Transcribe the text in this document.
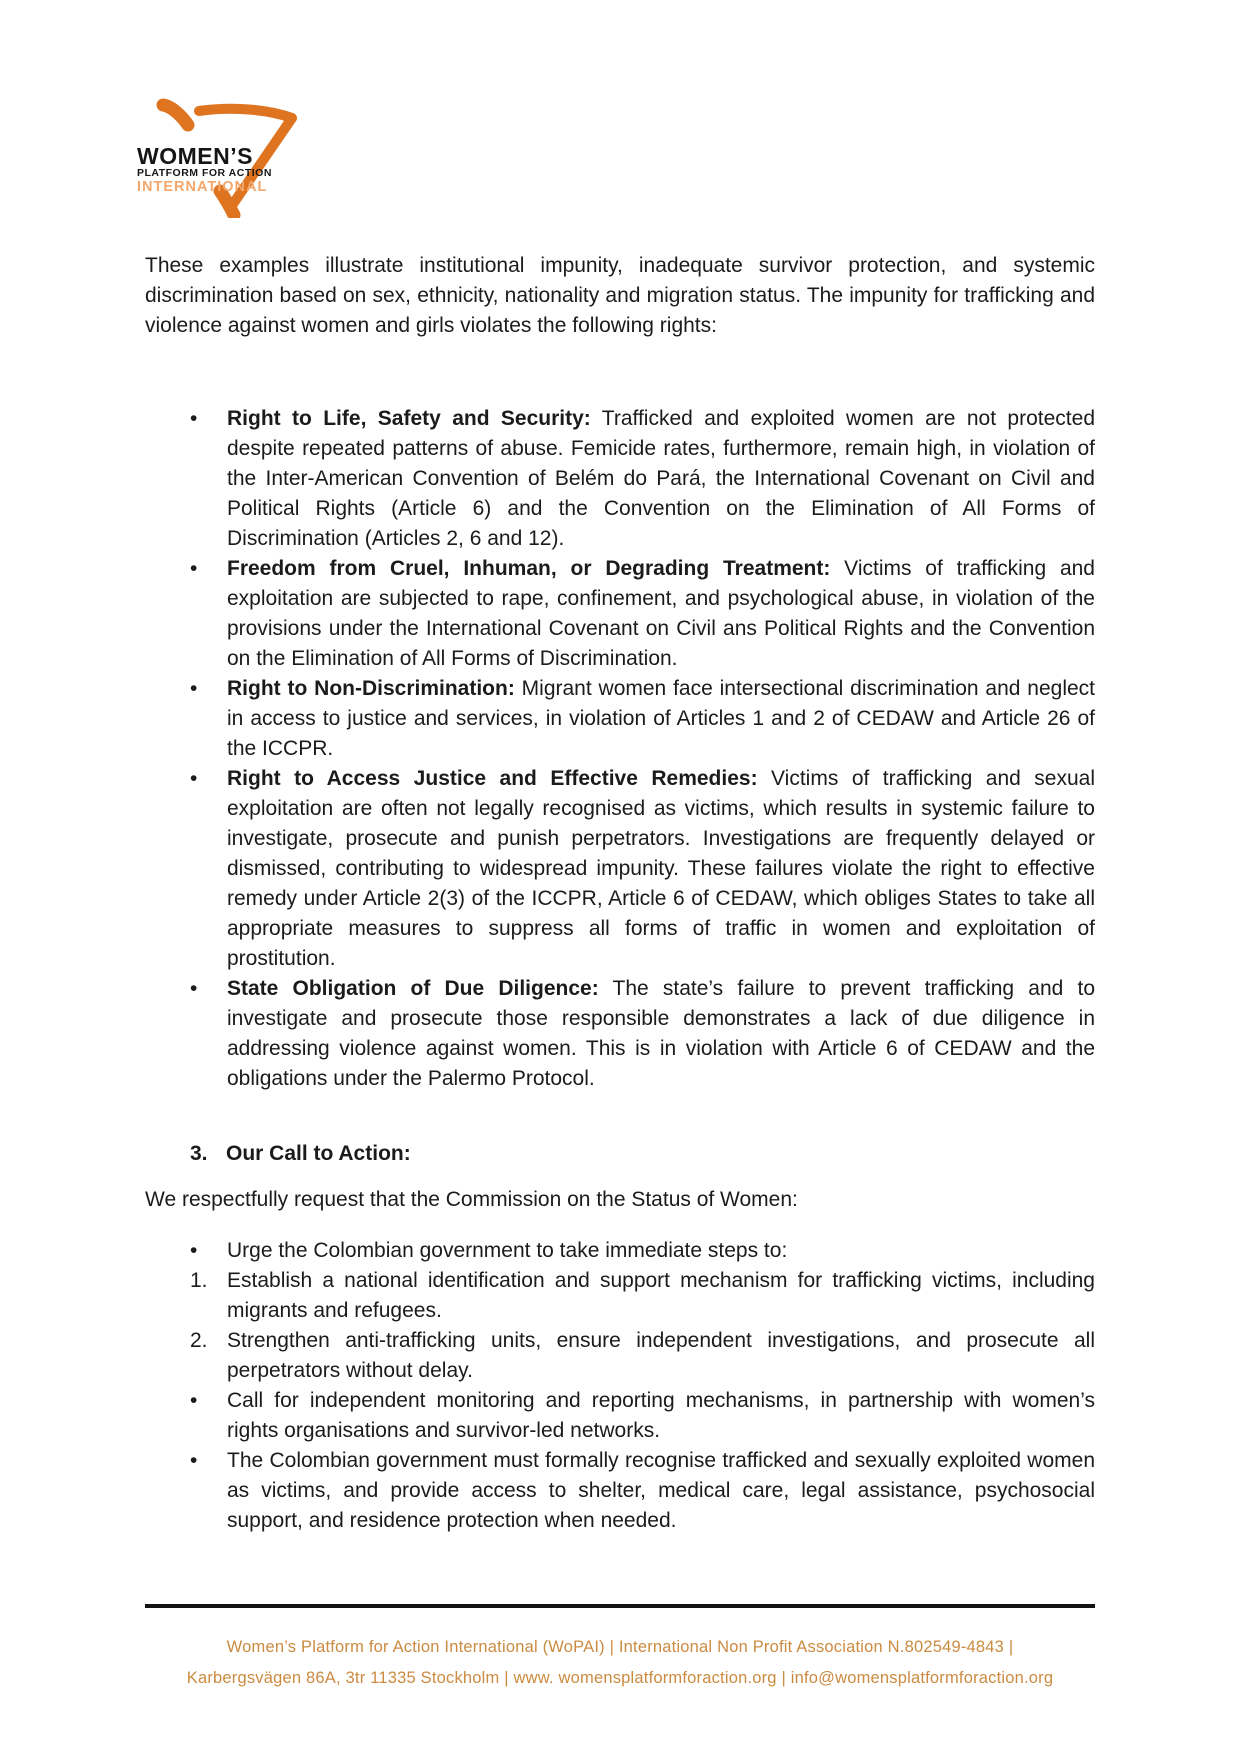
WOMEN’S
PLATFORM FOR ACTION
INTERNATIONAL

These examples illustrate institutional impunity, inadequate survivor protection, and systemic discrimination based on sex, ethnicity, nationality and migration status. The impunity for trafficking and violence against women and girls violates the following rights:

•	Right to Life, Safety and Security: Trafficked and exploited women are not protected despite repeated patterns of abuse. Femicide rates, furthermore, remain high, in violation of the Inter-American Convention of Belém do Pará, the International Covenant on Civil and Political Rights (Article 6) and the Convention on the Elimination of All Forms of Discrimination (Articles 2, 6 and 12).
•	Freedom from Cruel, Inhuman, or Degrading Treatment: Victims of trafficking and exploitation are subjected to rape, confinement, and psychological abuse, in violation of the provisions under the International Covenant on Civil ans Political Rights and the Convention on the Elimination of All Forms of Discrimination.
•	Right to Non-Discrimination: Migrant women face intersectional discrimination and neglect in access to justice and services, in violation of Articles 1 and 2 of CEDAW and Article 26 of the ICCPR.
•	Right to Access Justice and Effective Remedies: Victims of trafficking and sexual exploitation are often not legally recognised as victims, which results in systemic failure to investigate, prosecute and punish perpetrators. Investigations are frequently delayed or dismissed, contributing to widespread impunity. These failures violate the right to effective remedy under Article 2(3) of the ICCPR, Article 6 of CEDAW, which obliges States to take all appropriate measures to suppress all forms of traffic in women and exploitation of prostitution.
•	State Obligation of Due Diligence: The state’s failure to prevent trafficking and to investigate and prosecute those responsible demonstrates a lack of due diligence in addressing violence against women. This is in violation with Article 6 of CEDAW and the obligations under the Palermo Protocol.
3. Our Call to Action:

We respectfully request that the Commission on the Status of Women:

•	Urge the Colombian government to take immediate steps to:
1. Establish a national identification and support mechanism for trafficking victims, including migrants and refugees.
2. Strengthen anti-trafficking units, ensure independent investigations, and prosecute all perpetrators without delay.
•	Call for independent monitoring and reporting mechanisms, in partnership with women’s rights organisations and survivor-led networks.
•	The Colombian government must formally recognise trafficked and sexually exploited women as victims, and provide access to shelter, medical care, legal assistance, psychosocial support, and residence protection when needed.
Women’s Platform for Action International (WoPAI) | International Non Profit Association N.802549-4843 |
Karbergsvägen 86A, 3tr 11335 Stockholm | www. womensplatformforaction.org | info@womensplatformforaction.org
